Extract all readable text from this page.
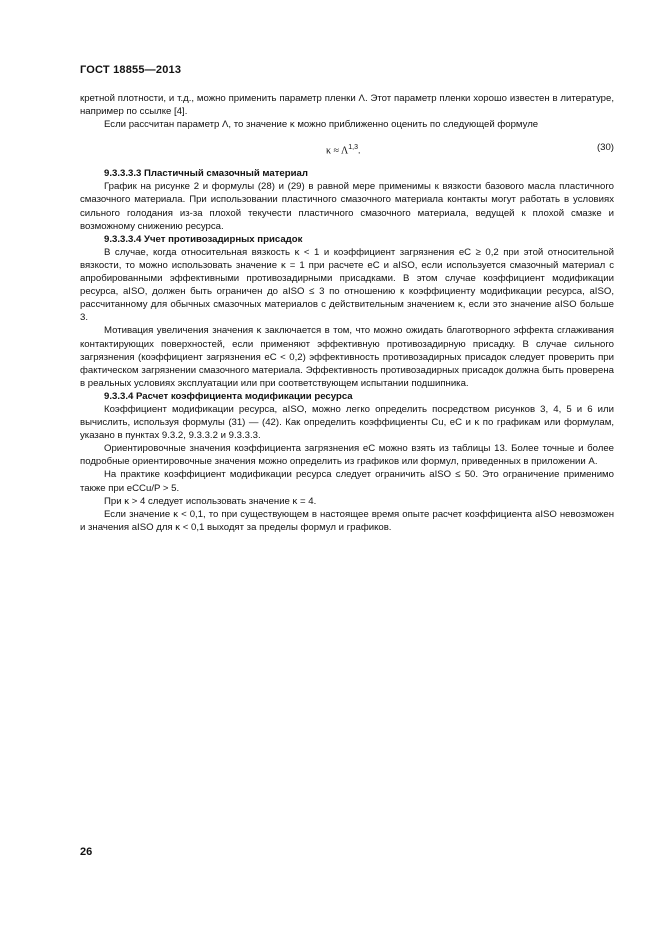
ГОСТ 18855—2013

кретной плотности, и т.д., можно применить параметр пленки Λ. Этот параметр пленки хорошо известен в литературе, например по ссылке [4].

Если рассчитан параметр Λ, то значение κ можно приближенно оценить по следующей формуле

κ ≈ Λ$^{1,3}$.	(30)
9.3.3.3.3 Пластичный смазочный материал

График на рисунке 2 и формулы (28) и (29) в равной мере применимы к вязкости базового масла пластичного смазочного материала. При использовании пластичного смазочного материала контакты могут работать в условиях сильного голодания из-за плохой текучести пластичного смазочного материала, ведущей к плохой смазке и возможному снижению ресурса.

9.3.3.3.4 Учет противозадирных присадок

В случае, когда относительная вязкость κ < 1 и коэффициент загрязнения eC ≥ 0,2 при этой относительной вязкости, то можно использовать значение κ = 1 при расчете eC и aISO, если используется смазочный материал с апробированными эффективными противозадирными присадками. В этом случае коэффициент модификации ресурса, aISO, должен быть ограничен до aISO ≤ 3 по отношению к коэффициенту модификации ресурса, aISO, рассчитанному для обычных смазочных материалов с действительным значением κ, если это значение aISO больше 3.

Мотивация увеличения значения κ заключается в том, что можно ожидать благотворного эффекта сглаживания контактирующих поверхностей, если применяют эффективную противозадирную присадку. В случае сильного загрязнения (коэффициент загрязнения eC < 0,2) эффективность противозадирных присадок следует проверить при фактическом загрязнении смазочного материала. Эффективность противозадирных присадок должна быть проверена в реальных условиях эксплуатации или при соответствующем испытании подшипника.

9.3.3.4 Расчет коэффициента модификации ресурса

Коэффициент модификации ресурса, aISO, можно легко определить посредством рисунков 3, 4, 5 и 6 или вычислить, используя формулы (31) — (42). Как определить коэффициенты Cu, eC и κ по графикам или формулам, указано в пунктах 9.3.2, 9.3.3.2 и 9.3.3.3.

Ориентировочные значения коэффициента загрязнения eC можно взять из таблицы 13. Более точные и более подробные ориентировочные значения можно определить из графиков или формул, приведенных в приложении А.

На практике коэффициент модификации ресурса следует ограничить aISO ≤ 50. Это ограничение применимо также при eCCu/P > 5.

При κ > 4 следует использовать значение κ = 4.

Если значение κ < 0,1, то при существующем в настоящее время опыте расчет коэффициента aISO невозможен и значения aISO для κ < 0,1 выходят за пределы формул и графиков.

26
